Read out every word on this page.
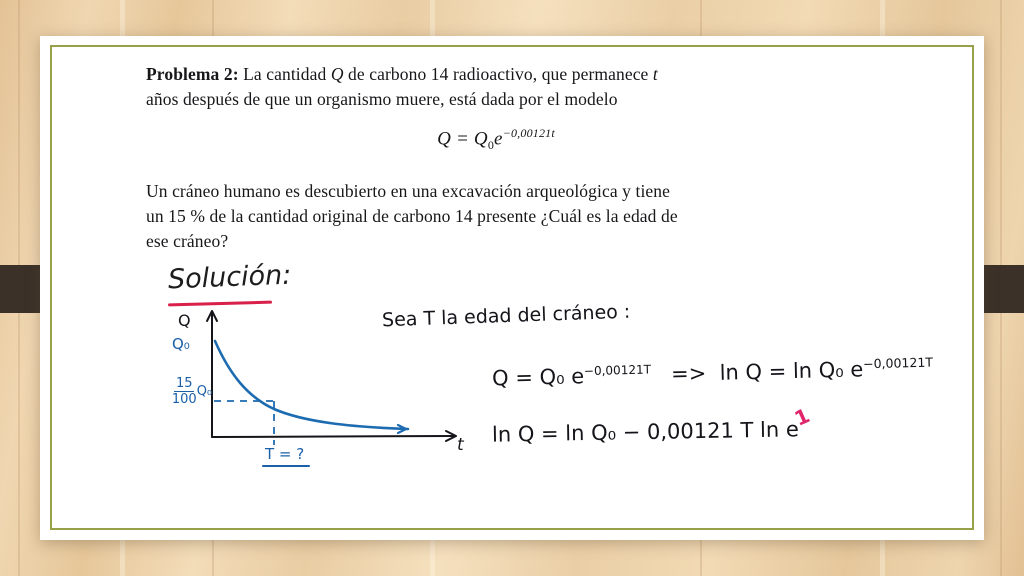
Problema 2: La cantidad Q de carbono 14 radioactivo, que permanece t
años después de que un organismo muere, está dada por el modelo
$Q = Q_0e^{-0,00121t}$
Un cráneo humano es descubierto en una excavación arqueológica y tiene
un 15 % de la cantidad original de carbono 14 presente ¿Cuál es la edad de
ese cráneo?
Solución:
Q
t
Q₀
$\frac{15}{100}Q_0$
T = ?
Sea T la edad del cráneo :
Q = Q₀ $e^{-0,00121T} => \ln Q = \ln Q_0$ $e^{-0,00121T}$
ln Q = ln Q₀ − 0,00121 T ln e
1
